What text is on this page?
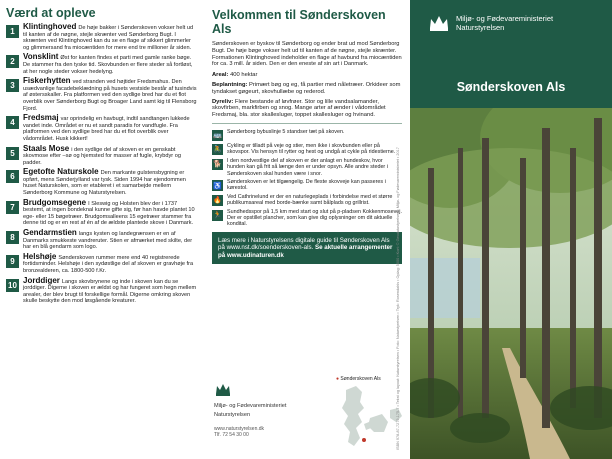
Værd at opleve
1
Klintinghoved De høje bakker i Sønderskoven vokser helt ud til kanten af de nøgne, stejle skrænter ved Sønderborg Bugt. I skrænten ved Klintinghoved kan du se en flage af sikkert glimmerler og glimmersand fra miocæntiden for mere end tre millioner år siden.
2
Vonsklint Øst for kanten findes et parti med gamle ranke bøge. De stammer fra den tyske tid. Skovbunden er flere steder så fortløst, at her nogle steder vokser hedelyng.
3
Fiskerhytten ved stranden ved højtider Fredsmahus. Den usædvanlige facadebeklædning på husets vestside består af tusindvis af østersskaller. Fra platformen ved den sydlige bred har du et flot overblik over Sønderborg Bugt og Broager Land samt kig til Flensborg Fjord.
4
Fredsmaj var oprindelig en havbugt, indtil sandtangen lukkede vandet inde. Området er nu et sandt paradis for vandfugle. Fra platformen ved den sydlige bred har du et flot overblik over vådområdet. Husk kikkert!
5
Staals Mose i den sydlige del af skoven er en genskabt skovmose efter –sø og hjemsted for masser af fugle, krybdyr og padder.
6
Egetofte Naturskole Den markante gulstensbygning er opført, mens Sønderjylland var tysk. Siden 1994 har ejendommen huset Naturskolen, som er etableret i et samarbejde mellem Sønderborg Kommune og Naturstyrelsen.
7
Brudgomsegene I Sleswig og Holsten blev der i 1737 bestemt, at ingen bondeknal kunne gifte sig, før han havde plantet 10 ege- eller 15 bøgetræer. Brudgomsalleens 15 egetræer stammer fra denne tid og er en rest af én af de ældste plantede skove i Danmark.
8
Gendarmstien langs kysten og landegrænsen er en af Danmarks smukkeste vandreruter. Stien er afmærket med skilte, der har en blå gendarm som logo.
9
Helshøje Sønderskoven rummer mere end 40 registrerede fortidsminder. Helshøje i den sydøstlige del af skoven er gravhøje fra bronzealderen, ca. 1800-500 f.Kr.
10
Jorddiger Langs skovbrynene og inde i skoven kan du se jorddiger. Digerne i skoven er ældst og har fungeret som hegn mellem arealer, der blev brugt til forskellige formål. Digerne omkring skoven skulle beskytte den mod løsgående kreaturer.
Velkommen til Sønderskoven Als

Sønderskoven er byskov til Sønderborg og ender brat ud mod Sønderborg Bugt. De høje bøge vokser helt ud til kanten af de nøgne, stejle skrænter. Formationen Klintinghoved indeholder en flage af havbund fra miocæntiden for ca. 3 mill. år siden. Den er den eneste af sin art i Danmark.

Areal: 400 hektar

Beplantning: Primært bøg og eg, få partier med nåletræer. Orkideer som tyndakset gøgeurt, skovhullæbe og rederod.

Dyreliv: Flere bestande af løvfrøer. Stor og lille vandsalamander, skovfirben, markfirben og snog. Mange arter af ænder i vådområdet Fredsmaj, bla. stor skallesluger, toppet skallesluger og hvinand.

🚌
Sønderborg bybuslinje 5 standser tæt på skoven.
🚴
Cykling er tilladt på veje og stier, men ikke i skovbunden eller på skovspor. Vis hensyn til rytter og hest og undgå at cykle på ridestierne.
🐕
I den nordvestlige del af skoven er der anlagt en hundeskov, hvor hunden kan gå frit så længe den er under opsyn. Alle andre steder i Sønderskoven skal hunden være i snor.
♿
Sønderskoven er let tilgængelig. De fleste skovveje kan passeres i kørestol.
🔥
Ved Cathrinelund er der en naturlegeplads i forbindelse med et større publikumsareal med borde-bænke samt bålplads og grillrist.
🏃
Sundhedsspor på 1,5 km med start og slut på p-pladsen Kokkenmosevej. Der er opstillet plancher, som kan give dig oplysninger om dit aktuelle kondital.
Læs mere i Naturstyrelsens digitale guide til Sønderskoven Als på www.nst.dk/soenderskoven-als. Se aktuelle arrangementer på www.udinaturen.dk
Miljø- og Fødevareministeriet
Naturstyrelsen
www.naturstyrelsen.dk
Tlf. 72 54 30 00
● Sønderskoven Als	ISBN 978-87-7279-175-7 • Tekst og layout: Naturstyrelsen • Foto: Naturstyrelsen • Tryk: Rosendahls • Oplag: 5000 • Kort: © Geodatastyrelsen • Miljø- og Fødevareministeriet • 2017
Miljø- og Fødevareministeriet
Naturstyrelsen
Sønderskoven Als
